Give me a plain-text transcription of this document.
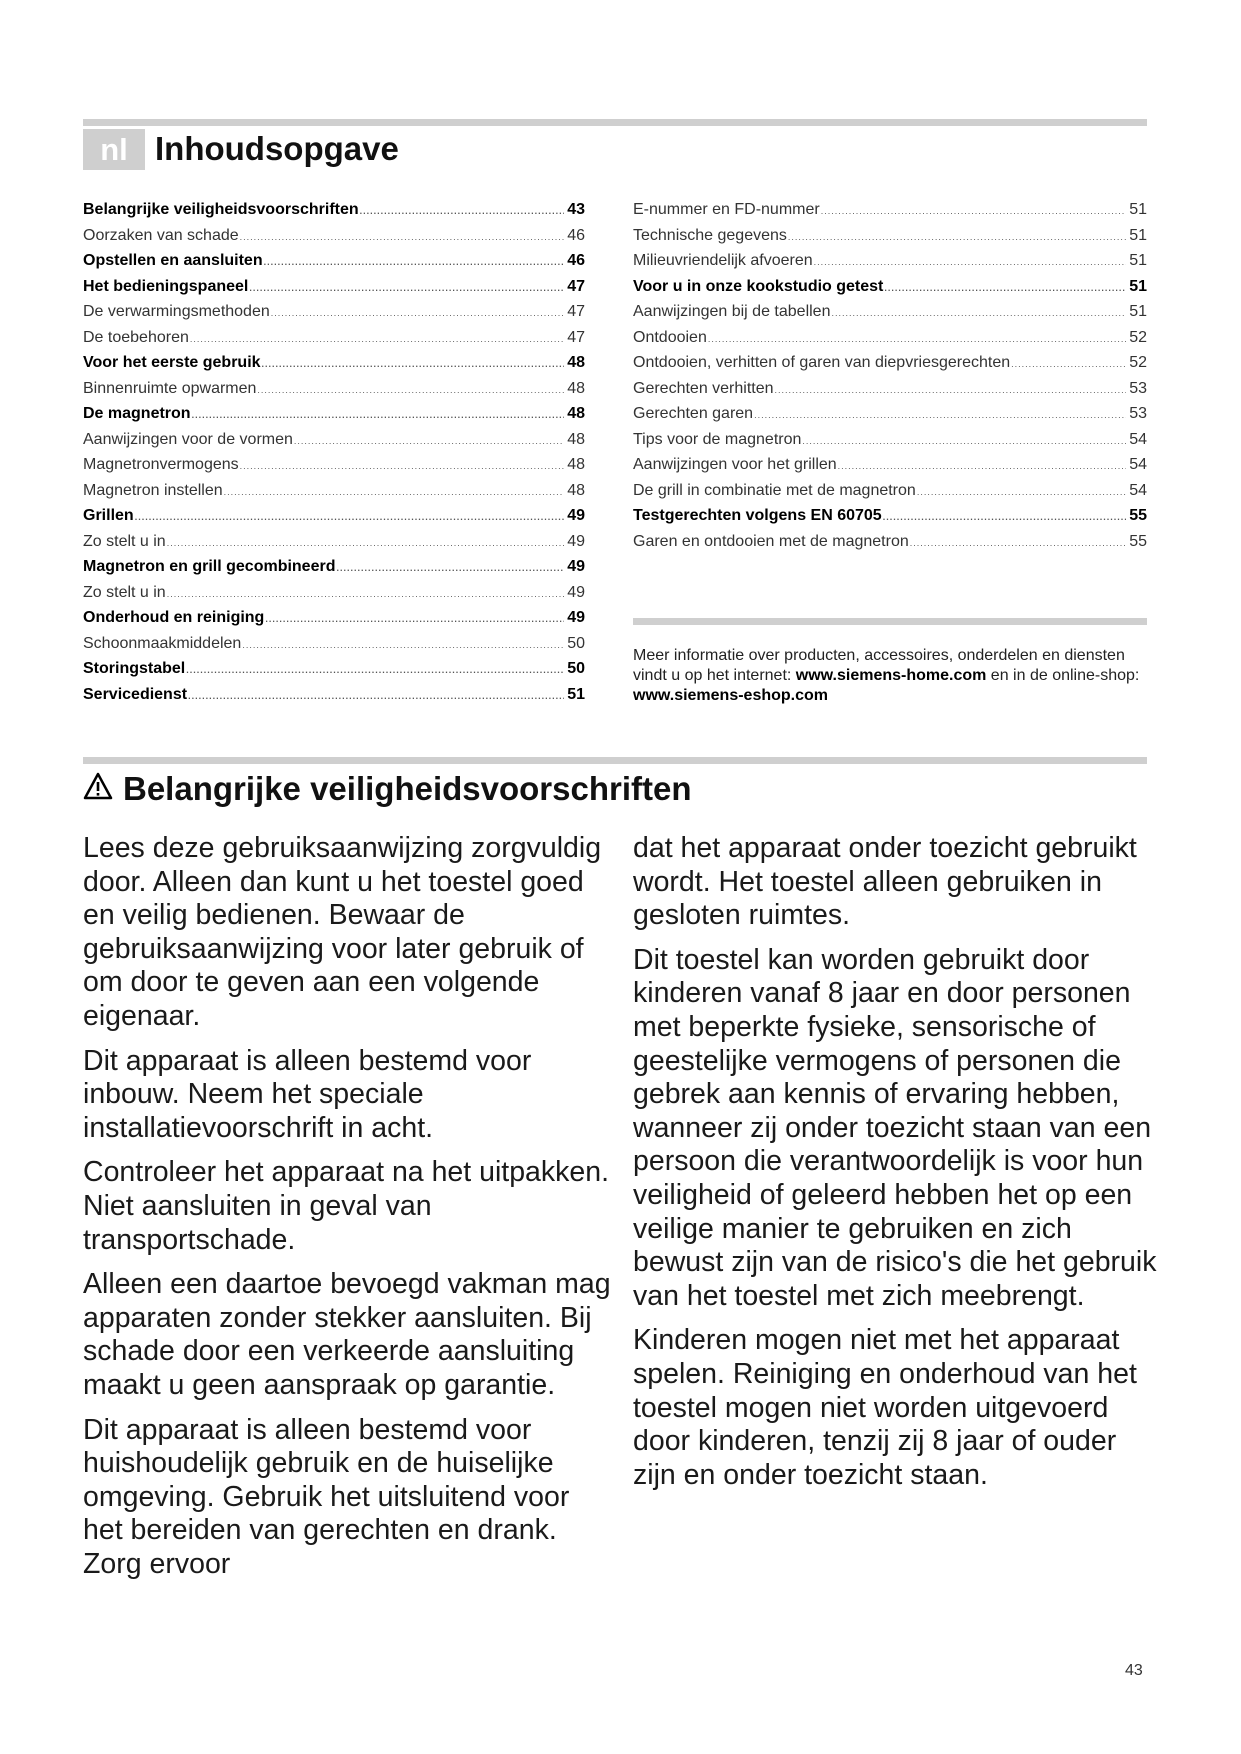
nl Inhoudsopgave
Belangrijke veiligheidsvoorschriften .....	43
Oorzaken van schade .....	46
Opstellen en aansluiten .....	46
Het bedieningspaneel .....	47
De verwarmingsmethoden .....	47
De toebehoren .....	47
Voor het eerste gebruik .....	48
Binnenruimte opwarmen .....	48
De magnetron .....	48
Aanwijzingen voor de vormen .....	48
Magnetronvermogens .....	48
Magnetron instellen .....	48
Grillen .....	49
Zo stelt u in .....	49
Magnetron en grill gecombineerd .....	49
Zo stelt u in .....	49
Onderhoud en reiniging .....	49
Schoonmaakmiddelen .....	50
Storingstabel .....	50
Servicedienst .....	51
E-nummer en FD-nummer .....	51
Technische gegevens .....	51
Milieuvriendelijk afvoeren .....	51
Voor u in onze kookstudio getest .....	51
Aanwijzingen bij de tabellen .....	51
Ontdooien .....	52
Ontdooien, verhitten of garen van diepvriesgerechten .....	52
Gerechten verhitten .....	53
Gerechten garen .....	53
Tips voor de magnetron .....	54
Aanwijzingen voor het grillen .....	54
De grill in combinatie met de magnetron .....	54
Testgerechten volgens EN 60705 .....	55
Garen en ontdooien met de magnetron .....	55
Meer informatie over producten, accessoires, onderdelen en diensten vindt u op het internet: www.siemens-home.com en in de online-shop: www.siemens-eshop.com
Belangrijke veiligheidsvoorschriften

Lees deze gebruiksaanwijzing zorgvuldig door. Alleen dan kunt u het toestel goed en veilig bedienen. Bewaar de gebruiksaanwijzing voor later gebruik of om door te geven aan een volgende eigenaar.

Dit apparaat is alleen bestemd voor inbouw. Neem het speciale installatievoorschrift in acht.

Controleer het apparaat na het uitpakken. Niet aansluiten in geval van transportschade.

Alleen een daartoe bevoegd vakman mag apparaten zonder stekker aansluiten. Bij schade door een verkeerde aansluiting maakt u geen aanspraak op garantie.

Dit apparaat is alleen bestemd voor huishoudelijk gebruik en de huiselijke omgeving. Gebruik het uitsluitend voor het bereiden van gerechten en drank. Zorg ervoor

dat het apparaat onder toezicht gebruikt wordt. Het toestel alleen gebruiken in gesloten ruimtes.

Dit toestel kan worden gebruikt door kinderen vanaf 8 jaar en door personen met beperkte fysieke, sensorische of geestelijke vermogens of personen die gebrek aan kennis of ervaring hebben, wanneer zij onder toezicht staan van een persoon die verantwoordelijk is voor hun veiligheid of geleerd hebben het op een veilige manier te gebruiken en zich bewust zijn van de risico's die het gebruik van het toestel met zich meebrengt.

Kinderen mogen niet met het apparaat spelen. Reiniging en onderhoud van het toestel mogen niet worden uitgevoerd door kinderen, tenzij zij 8 jaar of ouder zijn en onder toezicht staan.

43
